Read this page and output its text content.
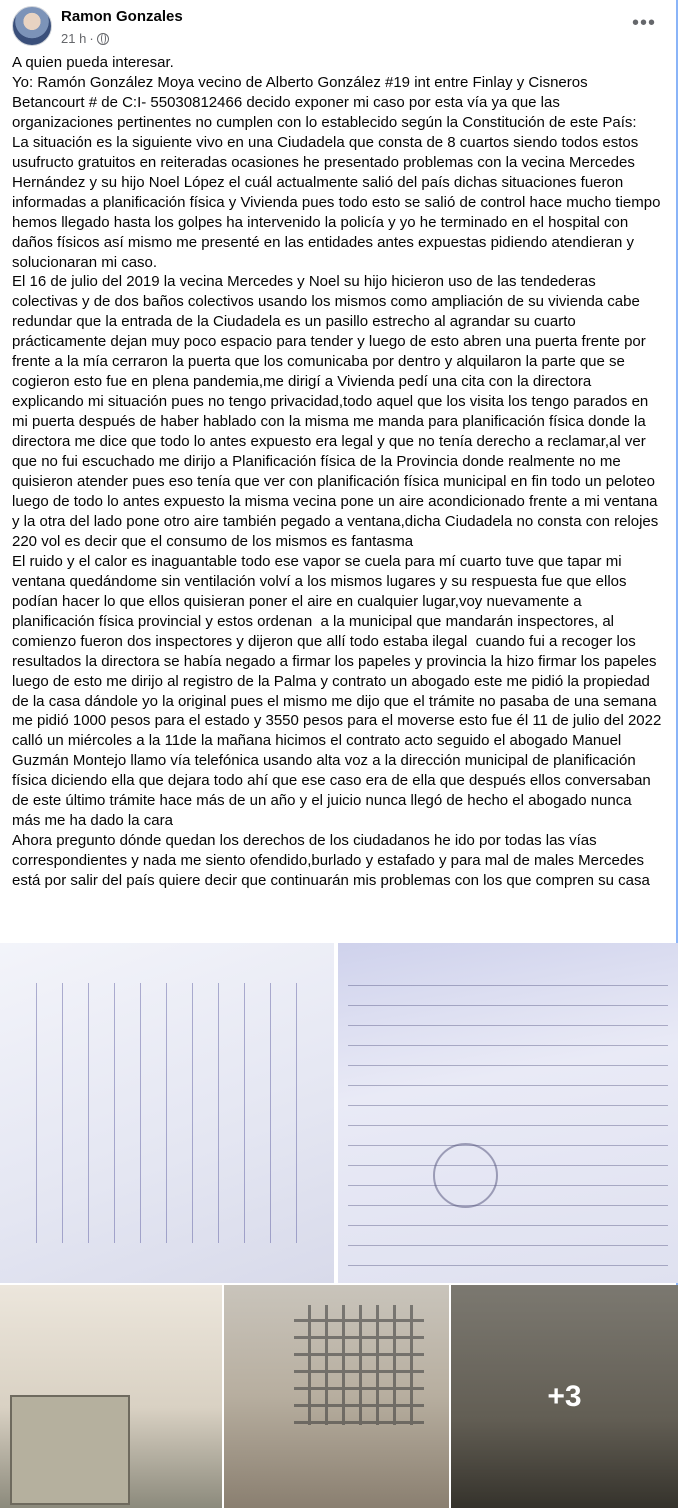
Ramon Gonzales
21 h ·
•••
A quien pueda interesar.
Yo: Ramón González Moya vecino de Alberto González #19 int entre Finlay y Cisneros Betancourt # de C:I- 55030812466 decido exponer mi caso por esta vía ya que las organizaciones pertinentes no cumplen con lo establecido según la Constitución de este País:
La situación es la siguiente vivo en una Ciudadela que consta de 8 cuartos siendo todos estos usufructo gratuitos en reiteradas ocasiones he presentado problemas con la vecina Mercedes Hernández y su hijo Noel López el cuál actualmente salió del país dichas situaciones fueron informadas a planificación física y Vivienda pues todo esto se salió de control hace mucho tiempo hemos llegado hasta los golpes ha intervenido la policía y yo he terminado en el hospital con daños físicos así mismo me presenté en las entidades antes expuestas pidiendo atendieran y solucionaran mi caso.
El 16 de julio del 2019 la vecina Mercedes y Noel su hijo hicieron uso de las tendederas colectivas y de dos baños colectivos usando los mismos como ampliación de su vivienda cabe redundar que la entrada de la Ciudadela es un pasillo estrecho al agrandar su cuarto prácticamente dejan muy poco espacio para tender y luego de esto abren una puerta frente por frente a la mía cerraron la puerta que los comunicaba por dentro y alquilaron la parte que se cogieron esto fue en plena pandemia,me dirigí a Vivienda pedí una cita con la directora explicando mi situación pues no tengo privacidad,todo aquel que los visita los tengo parados en mi puerta después de haber hablado con la misma me manda para planificación física donde la directora me dice que todo lo antes expuesto era legal y que no tenía derecho a reclamar,al ver que no fui escuchado me dirijo a Planificación física de la Provincia donde realmente no me quisieron atender pues eso tenía que ver con planificación física municipal en fin todo un peloteo luego de todo lo antes expuesto la misma vecina pone un aire acondicionado frente a mi ventana y la otra del lado pone otro aire también pegado a ventana,dicha Ciudadela no consta con relojes 220 vol es decir que el consumo de los mismos es fantasma
El ruido y el calor es inaguantable todo ese vapor se cuela para mí cuarto tuve que tapar mi ventana quedándome sin ventilación volví a los mismos lugares y su respuesta fue que ellos podían hacer lo que ellos quisieran poner el aire en cualquier lugar,voy nuevamente a planificación física provincial y estos ordenan  a la municipal que mandarán inspectores, al comienzo fueron dos inspectores y dijeron que allí todo estaba ilegal  cuando fui a recoger los resultados la directora se había negado a firmar los papeles y provincia la hizo firmar los papeles luego de esto me dirijo al registro de la Palma y contrato un abogado este me pidió la propiedad de la casa dándole yo la original pues el mismo me dijo que el trámite no pasaba de una semana me pidió 1000 pesos para el estado y 3550 pesos para el moverse esto fue él 11 de julio del 2022 calló un miércoles a la 11de la mañana hicimos el contrato acto seguido el abogado Manuel Guzmán Montejo llamo vía telefónica usando alta voz a la dirección municipal de planificación física diciendo ella que dejara todo ahí que ese caso era de ella que después ellos conversaban  de este último trámite hace más de un año y el juicio nunca llegó de hecho el abogado nunca más me ha dado la cara
Ahora pregunto dónde quedan los derechos de los ciudadanos he ido por todas las vías correspondientes y nada me siento ofendido,burlado y estafado y para mal de males Mercedes está por salir del país quiere decir que continuarán mis problemas con los que compren su casa
+3
